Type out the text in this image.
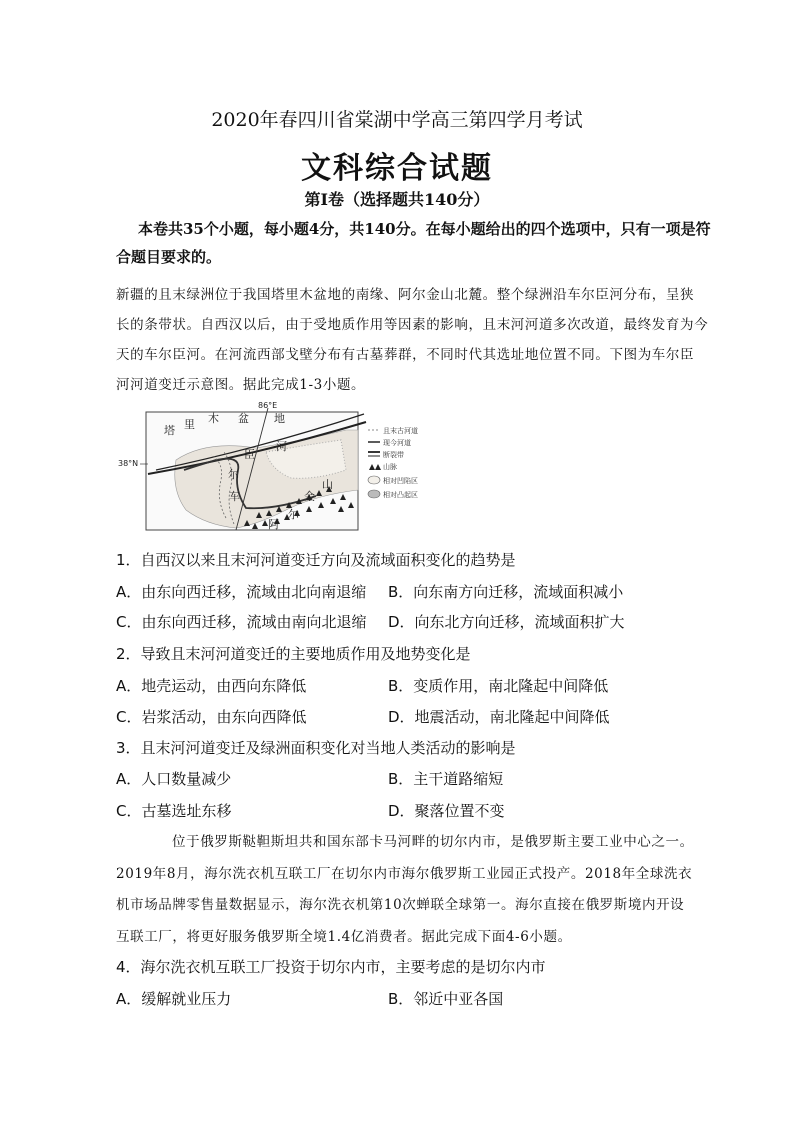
2020年春四川省棠湖中学高三第四学月考试
文科综合试题
第Ⅰ卷（选择题共140分）
本卷共35个小题，每小题4分，共140分。在每小题给出的四个选项中，只有一项是符
合题目要求的。
新疆的且末绿洲位于我国塔里木盆地的南缘、阿尔金山北麓。整个绿洲沿车尔臣河分布，呈狭
长的条带状。自西汉以后，由于受地质作用等因素的影响，且末河河道多次改道，最终发育为今
天的车尔臣河。在河流西部戈壁分布有古墓葬群，不同时代其选址地位置不同。下图为车尔臣
河河道变迁示意图。据此完成1-3小题。
塔 里 木 盆 地
臣
河
尔
车
阿
尔
金
山
86°E
38°N
且末古河道
现今河道
断裂带
山脉
相对凹陷区
相对凸起区
1．自西汉以来且末河河道变迁方向及流域面积变化的趋势是
A．由东向西迁移，流域由北向南退缩 B．向东南方向迁移，流域面积减小
C．由东向西迁移，流域由南向北退缩 D．向东北方向迁移，流域面积扩大
2．导致且末河河道变迁的主要地质作用及地势变化是
A．地壳运动，由西向东降低	B．变质作用，南北隆起中间降低
C．岩浆活动，由东向西降低	D．地震活动，南北隆起中间降低
3．且末河河道变迁及绿洲面积变化对当地人类活动的影响是
A．人口数量减少	B．主干道路缩短
C．古墓选址东移	D．聚落位置不变
位于俄罗斯鞑靼斯坦共和国东部卡马河畔的切尔内市，是俄罗斯主要工业中心之一。
2019年8月，海尔洗衣机互联工厂在切尔内市海尔俄罗斯工业园正式投产。2018年全球洗衣
机市场品牌零售量数据显示，海尔洗衣机第10次蝉联全球第一。海尔直接在俄罗斯境内开设
互联工厂，将更好服务俄罗斯全境1.4亿消费者。据此完成下面4-6小题。
4．海尔洗衣机互联工厂投资于切尔内市，主要考虑的是切尔内市
A．缓解就业压力	B．邻近中亚各国
